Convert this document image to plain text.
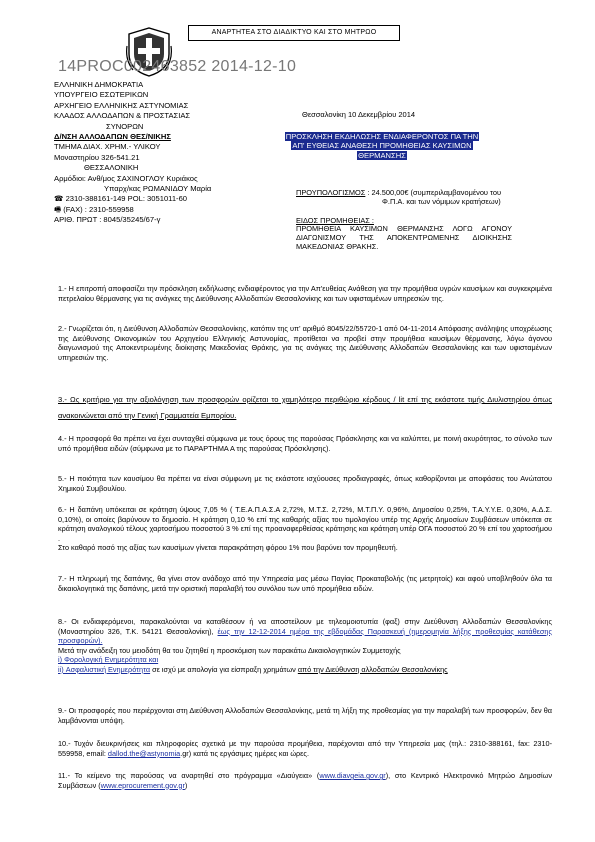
ΑΝΑΡΤΗΤΕΑ ΣΤΟ ΔΙΑΔΙΚΤΥΟ ΚΑΙ ΣΤΟ ΜΗΤΡΩΟ
14PROC002463852 2014-12-10
ΕΛΛΗΝΙΚΗ ΔΗΜΟΚΡΑΤΙΑ
ΥΠΟΥΡΓΕΙΟ ΕΣΩΤΕΡΙΚΩΝ
ΑΡΧΗΓΕΙΟ ΕΛΛΗΝΙΚΗΣ ΑΣΤΥΝΟΜΙΑΣ
ΚΛΑΔΟΣ ΑΛΛΟΔΑΠΩΝ & ΠΡΟΣΤΑΣΙΑΣ
ΣΥΝΟΡΩΝ
Δ/ΝΣΗ ΑΛΛΟΔΑΠΩΝ ΘΕΣ/ΝΙΚΗΣ
ΤΜΗΜΑ ΔΙΑΧ. ΧΡΗΜ.- ΥΛΙΚΟΥ
Μοναστηρίου 326-541.21
ΘΕΣΣΑΛΟΝΙΚΗ
Αρμόδιοι: Ανθ/μος ΣΑΧΙΝΟΓΛΟΥ Κυριάκος
Υπαρχ/κας ΡΩΜΑΝΙΔΟΥ Μαρία
☎ 2310-388161-149 POL: 3051011-60
🖷 (FAX) : 2310-559958
ΑΡΙΘ. ΠΡΩΤ : 8045/35245/67-γ
Θεσσαλονίκη 10 Δεκεμβρίου 2014
ΠΡΟΣΚΛΗΣΗ ΕΚΔΗΛΩΣΗΣ ΕΝΔΙΑΦΕΡΟΝΤΟΣ ΠΑ ΤΗΝ
ΑΠ' ΕΥΘΕΙΑΣ ΑΝΑΘΕΣΗ ΠΡΟΜΗΘΕΙΑΣ ΚΑΥΣΙΜΩΝ
ΘΕΡΜΑΝΣΗΣ
ΠΡΟΥΠΟΛΟΓΙΣΜΟΣ : 24.500,00€ (συμπεριλαμβανομένου του
Φ.Π.Α. και των νόμιμων κρατήσεων)
ΕΙΔΟΣ ΠΡΟΜΗΘΕΙΑΣ :
ΠΡΟΜΗΘΕΙΑ ΚΑΥΣΙΜΩΝ ΘΕΡΜΑΝΣΗΣ ΛΟΓΩ ΑΓΟΝΟΥ ΔΙΑΓΩΝΙΣΜΟΥ ΤΗΣ ΑΠΟΚΕΝΤΡΩΜΕΝΗΣ ΔΙΟΙΚΗΣΗΣ ΜΑΚΕΔΟΝΙΑΣ ΘΡΑΚΗΣ.
1.- Η επιτροπή αποφασίζει την πρόσκληση εκδήλωσης ενδιαφέροντος για την Απ'ευθείας Ανάθεση για την προμήθεια υγρών καυσίμων και συγκεκριμένα πετρελαίου θέρμανσης για τις ανάγκες της Διεύθυνσης Αλλοδαπών Θεσσαλονίκης και των υφισταμένων υπηρεσιών της.
2.- Γνωρίζεται ότι, η Διεύθυνση Αλλοδαπών Θεσσαλονίκης, κατόπιν της υπ' αριθμό 8045/22/55720-1 από 04-11-2014 Απόφασης ανάληψης υποχρέωσης της Διεύθυνσης Οικονομικών του Αρχηγείου Ελληνικής Αστυνομίας, προτίθεται να προβεί στην προμήθεια καυσίμων θέρμανσης, λόγω άγονου διαγωνισμού της Αποκεντρωμένης διοίκησης Μακεδονίας Θράκης, για τις ανάγκες της Διεύθυνσης Αλλοδαπών Θεσσαλονίκης και των υφισταμένων υπηρεσιών της.
3.- Ως κριτήριο για την αξιολόγηση των προσφορών ορίζεται το χαμηλότερο περιθώριο κέρδους / lit επί της εκάστοτε τιμής Διυλιστηρίου όπως ανακοινώνεται από την Γενική Γραμματεία Εμπορίου.
4.- Η προσφορά θα πρέπει να έχει συνταχθεί σύμφωνα με τους όρους της παρούσας Πρόσκλησης και να καλύπτει, με ποινή ακυρότητας, το σύνολο των υπό προμήθεια ειδών (σύμφωνα με το ΠΑΡΑΡΤΗΜΑ Α της παρούσας Πρόσκλησης).
5.- Η ποιότητα των καυσίμου θα πρέπει να είναι σύμφωνη με τις εκάστοτε ισχύουσες προδιαγραφές, όπως καθορίζονται με αποφάσεις του Ανώτατου Χημικού Συμβουλίου.

6.- Η δαπάνη υπόκειται σε κράτηση ύψους 7,05 % ( Τ.Ε.Α.Π.Α.Σ.Α 2,72%, Μ.Τ.Σ. 2,72%, Μ.Τ.Π.Υ. 0,96%, Δημοσίου 0,25%, Τ.Α.Υ.Υ.Ε. 0,30%, Α.Δ.Σ. 0,10%), οι οποίες βαρύνουν το δημοσίο. Η κράτηση 0,10 % επί της καθαρής αξίας του τιμολογίου υπέρ της Αρχής Δημοσίων Συμβάσεων υπόκειται σε κράτηση αναλογικού τέλους χαρτοσήμου ποσοστού 3 % επί της προαναφερθείσας κράτησης και κράτηση υπέρ ΟΓΑ ποσοστού 20 % επί του χαρτοσήμου .

Στο καθαρό ποσό της αξίας των καυσίμων γίνεται παρακράτηση φόρου 1% που βαρύνει τον προμηθευτή.

7.- Η πληρωμή της δαπάνης, θα γίνει στον ανάδοχο από την Υπηρεσία μας μέσω Παγίας Προκαταβολής (τις μετρητοίς) και αφού υποβληθούν όλα τα δικαιολογητικά της δαπάνης, μετά την οριστική παραλαβή του συνόλου των υπό προμήθεια ειδών.

8.- Οι ενδιαφερόμενοι, παρακαλούνται να καταθέσουν ή να αποστείλουν με τηλεομοιοτυπία (φαξ) στην Διεύθυνση Αλλοδαπών Θεσσαλονίκης (Μοναστηρίου 326, Τ.Κ. 54121 Θεσσαλονίκη), έως την 12-12-2014 ημέρα της εβδομάδας Παρασκευή (ημερομηνία λήξης προθεσμίας κατάθεσης προσφορών).

Μετά την ανάδειξη του μειοδότη θα του ζητηθεί η προσκόμιση των παρακάτω Δικαιολογητικών Συμμετοχής

i) Φορολογική Ενημερότητα και

ii) Ασφαλιστική Ενημερότητα σε ισχύ με απολογία για είσπραξη χρημάτων από την Διεύθυνση αλλοδαπών Θεσσαλονίκης

9.- Οι προσφορές που περιέρχονται στη Διεύθυνση Αλλοδαπών Θεσσαλονίκης, μετά τη λήξη της προθεσμίας για την παραλαβή των προσφορών, δεν θα λαμβάνονται υπόψη.
10.- Τυχόν διευκρινήσεις και πληροφορίες σχετικά με την παρούσα προμήθεια, παρέχονται από την Υπηρεσία μας (τηλ.: 2310-388161, fax: 2310-559958, email: dallod.the@astynomia.gr) κατά τις εργάσιμες ημέρες και ώρες.
11.- Το κείμενο της παρούσας να αναρτηθεί στο πρόγραμμα «Διαύγεια» (www.diavgeia.gov.gr), στο Κεντρικό Ηλεκτρονικό Μητρώο Δημοσίων Συμβάσεων (www.eprocurement.gov.gr)
